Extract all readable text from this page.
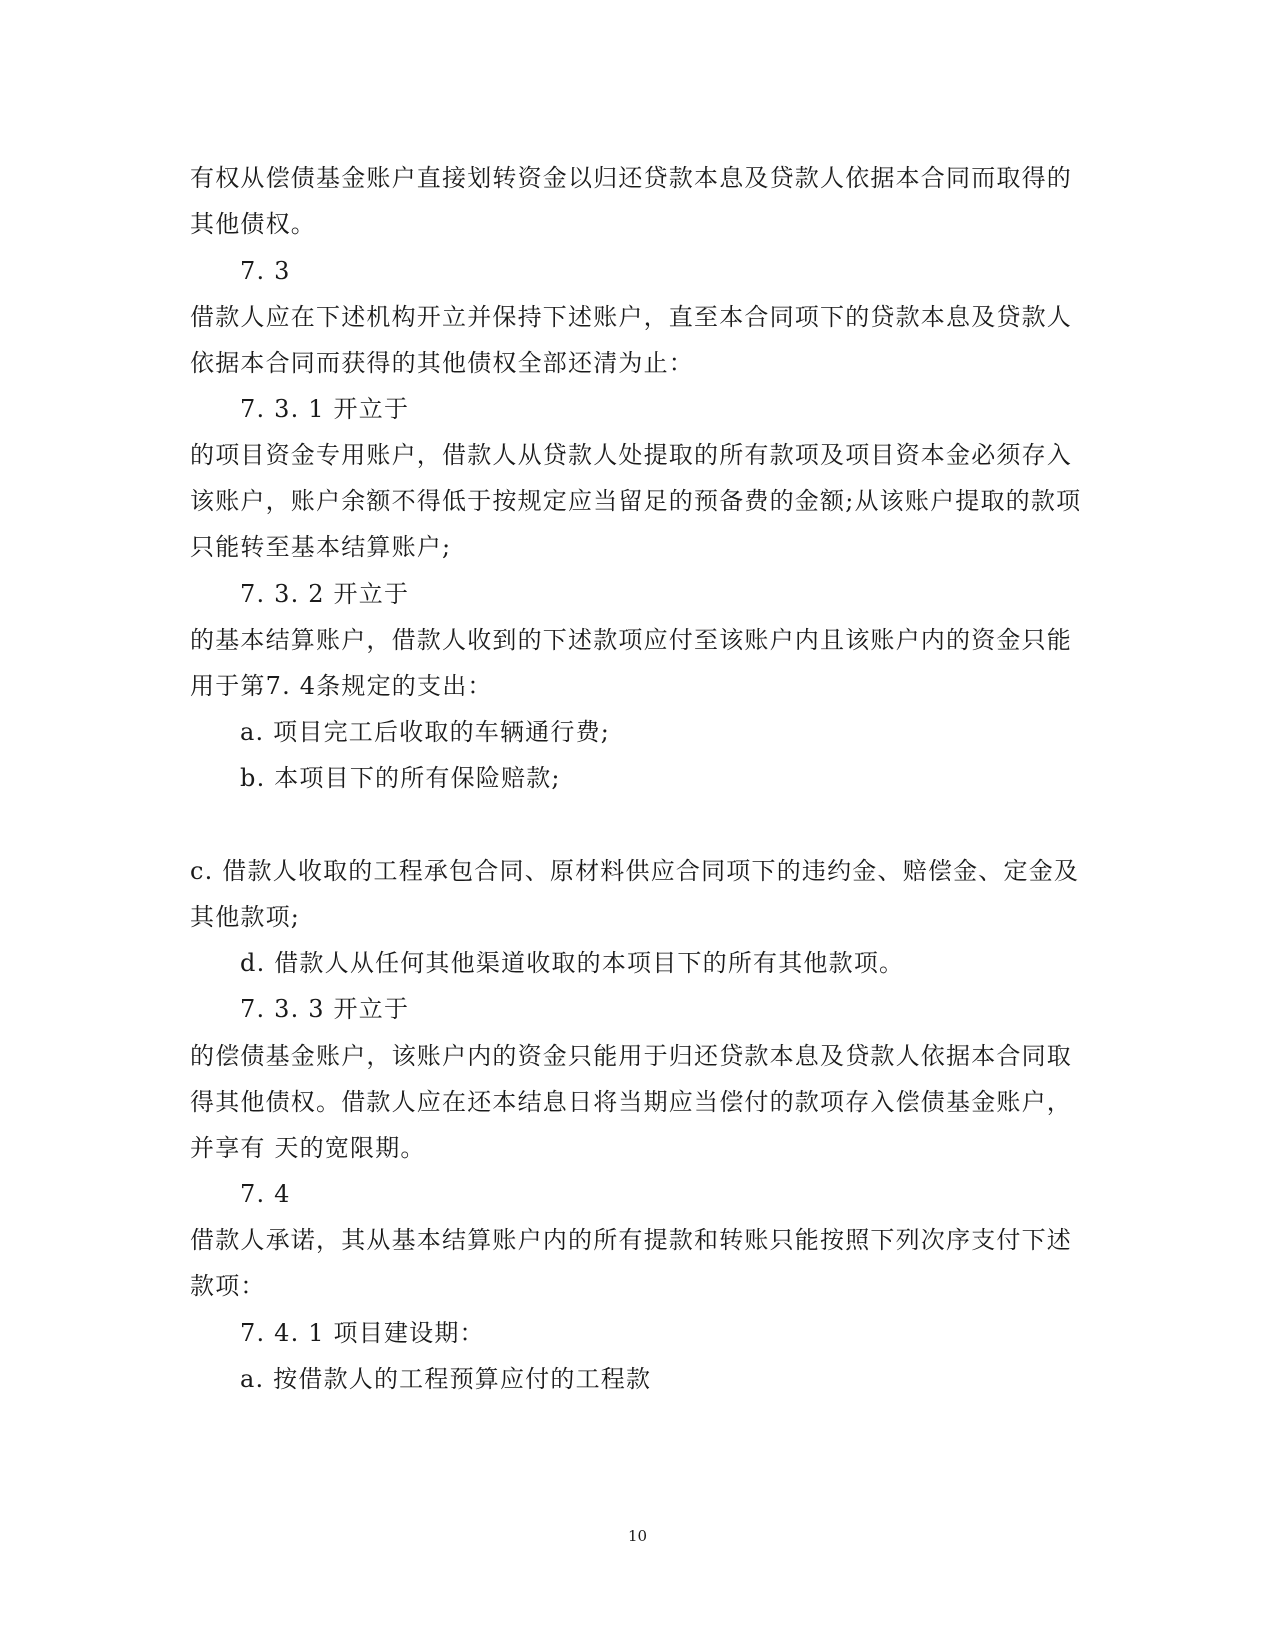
有权从偿债基金账户直接划转资金以归还贷款本息及贷款人依据本合同而取得的
其他债权。
7. 3
借款人应在下述机构开立并保持下述账户，直至本合同项下的贷款本息及贷款人
依据本合同而获得的其他债权全部还清为止：
7. 3. 1 开立于
的项目资金专用账户，借款人从贷款人处提取的所有款项及项目资本金必须存入
该账户，账户余额不得低于按规定应当留足的预备费的金额;从该账户提取的款项
只能转至基本结算账户;
7. 3. 2 开立于
的基本结算账户，借款人收到的下述款项应付至该账户内且该账户内的资金只能
用于第7. 4条规定的支出：
a. 项目完工后收取的车辆通行费;
b. 本项目下的所有保险赔款;
c. 借款人收取的工程承包合同、原材料供应合同项下的违约金、赔偿金、定金及
其他款项;
d. 借款人从任何其他渠道收取的本项目下的所有其他款项。
7. 3. 3 开立于
的偿债基金账户，该账户内的资金只能用于归还贷款本息及贷款人依据本合同取
得其他债权。借款人应在还本结息日将当期应当偿付的款项存入偿债基金账户，
并享有 天的宽限期。
7. 4
借款人承诺，其从基本结算账户内的所有提款和转账只能按照下列次序支付下述
款项：
7. 4. 1 项目建设期：
a. 按借款人的工程预算应付的工程款
10
